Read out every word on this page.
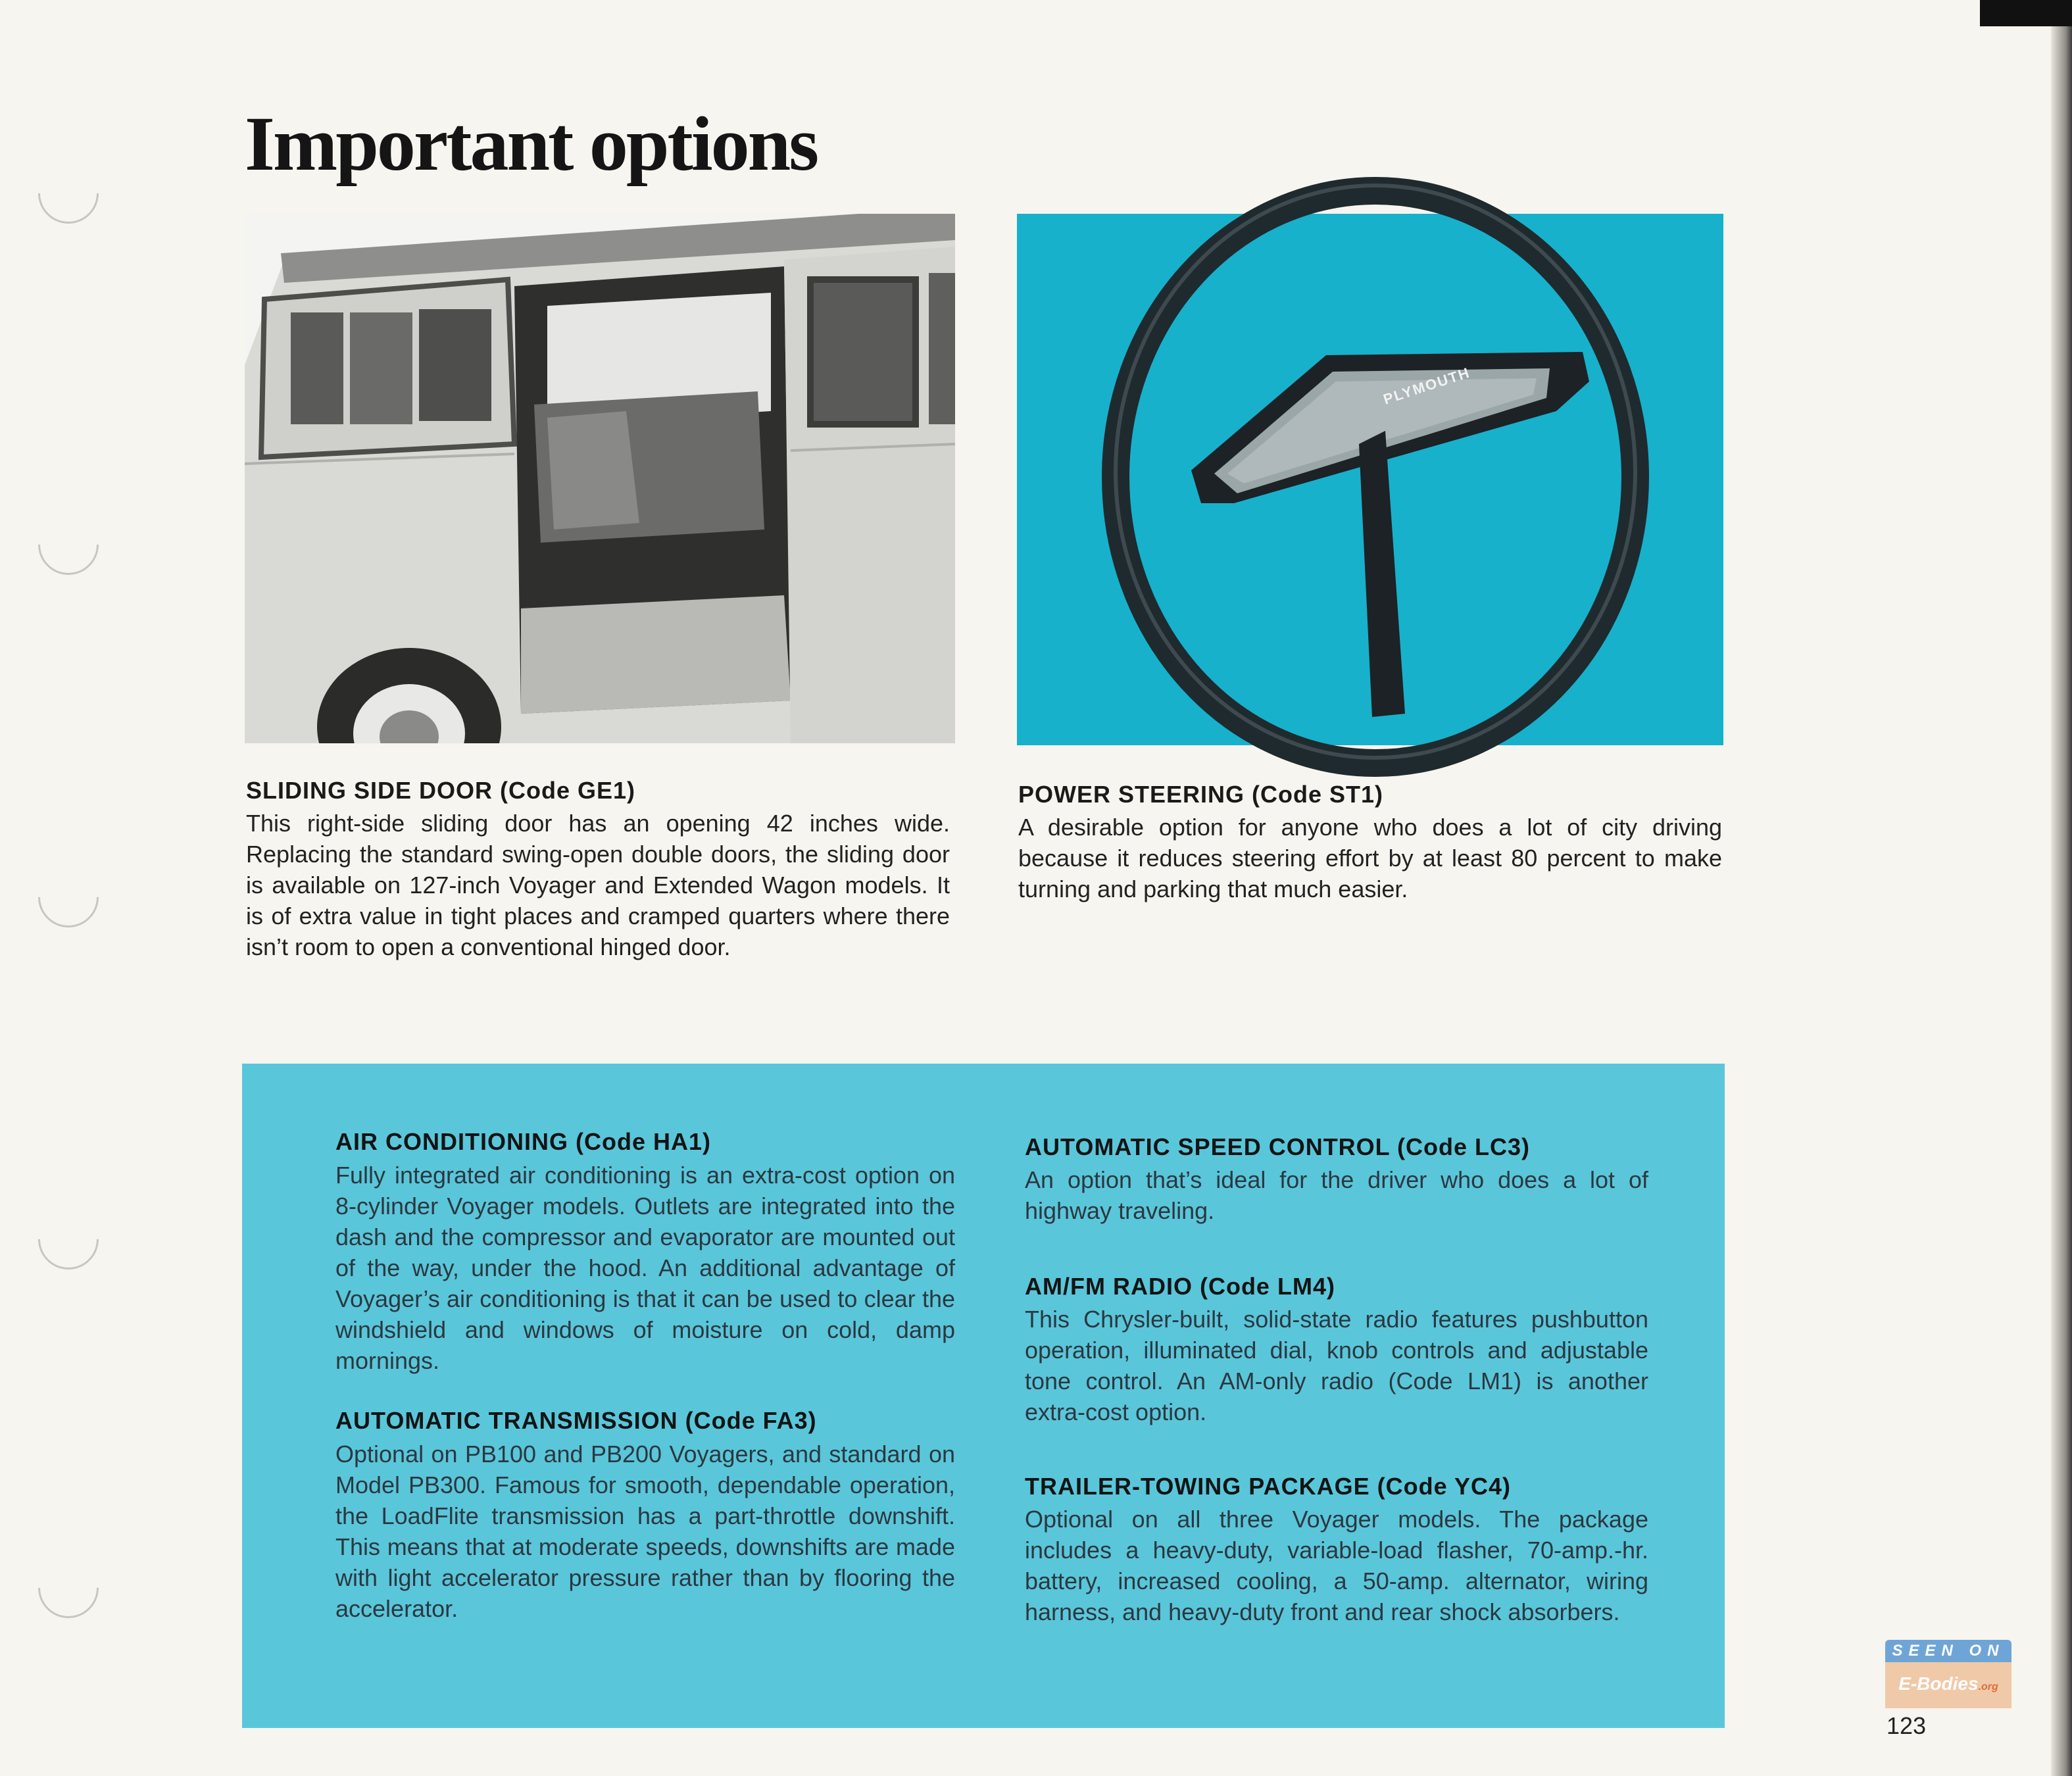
Important options
PLYMOUTH
SLIDING SIDE DOOR (Code GE1)

This right-side sliding door has an opening 42 inches wide. Replacing the standard swing-open double doors, the sliding door is available on 127-inch Voyager and Extended Wagon models. It is of extra value in tight places and cramped quarters where there isn’t room to open a conventional hinged door.

POWER STEERING (Code ST1)

A desirable option for anyone who does a lot of city driving because it reduces steering effort by at least 80 percent to make turning and parking that much easier.

AIR CONDITIONING (Code HA1)

Fully integrated air conditioning is an extra-cost option on 8-cylinder Voyager models. Outlets are integrated into the dash and the compressor and evaporator are mounted out of the way, under the hood. An additional advantage of Voyager’s air conditioning is that it can be used to clear the windshield and windows of moisture on cold, damp mornings.

AUTOMATIC TRANSMISSION (Code FA3)

Optional on PB100 and PB200 Voyagers, and standard on Model PB300. Famous for smooth, dependable operation, the LoadFlite transmission has a part-throttle downshift. This means that at moderate speeds, downshifts are made with light accelerator pressure rather than by flooring the accelerator.

AUTOMATIC SPEED CONTROL (Code LC3)

An option that’s ideal for the driver who does a lot of highway traveling.

AM/FM RADIO (Code LM4)

This Chrysler-built, solid-state radio features pushbutton operation, illuminated dial, knob controls and adjustable tone control. An AM-only radio (Code LM1) is another extra-cost option.

TRAILER-TOWING PACKAGE (Code YC4)

Optional on all three Voyager models. The package includes a heavy-duty, variable-load flasher, 70-amp.-hr. battery, increased cooling, a 50-amp. alternator, wiring harness, and heavy-duty front and rear shock absorbers.

SEEN ON
E-Bodies.org

123
